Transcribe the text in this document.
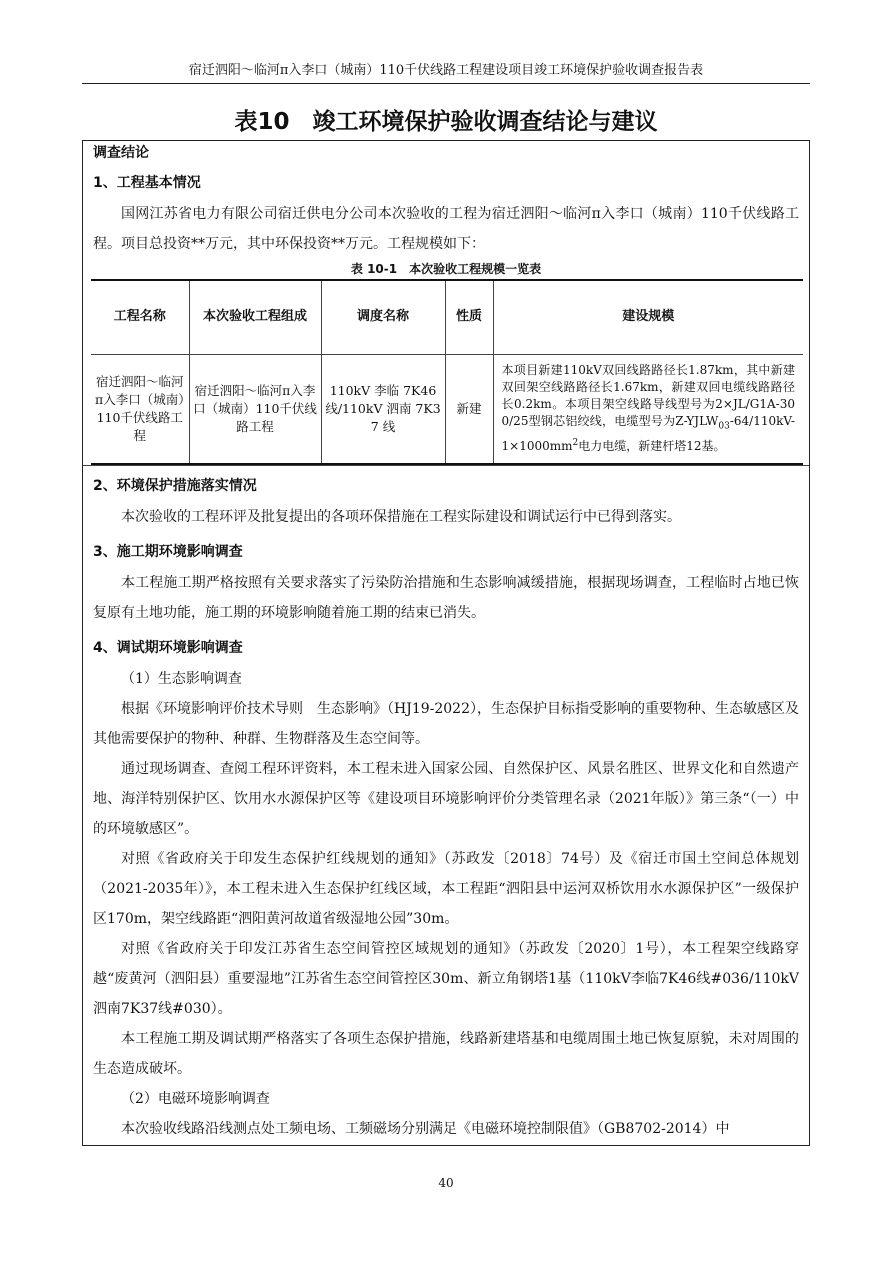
宿迁泗阳～临河π入李口（城南）110千伏线路工程建设项目竣工环境保护验收调查报告表
表10　竣工环境保护验收调查结论与建议
调查结论
1、工程基本情况

国网江苏省电力有限公司宿迁供电分公司本次验收的工程为宿迁泗阳～临河π入李口（城南）110千伏线路工程。项目总投资**万元，其中环保投资**万元。工程规模如下：

表 10-1　本次验收工程规模一览表
工程名称	本次验收工程组成	调度名称	性质	建设规模
宿迁泗阳～临河π入李口（城南）110千伏线路工程	宿迁泗阳～临河π入李口（城南）110千伏线路工程	110kV 李临 7K46 线/110kV 泗南 7K37 线	新建	本项目新建110kV双回线路路径长1.87km，其中新建双回架空线路路径长1.67km，新建双回电缆线路路径长0.2km。本项目架空线路导线型号为2×JL/G1A-300/25型钢芯铝绞线，电缆型号为$Z-YJLW_{03}-64/110kV-1\times 1000mm^2$电力电缆，新建杆塔12基。
2、环境保护措施落实情况

本次验收的工程环评及批复提出的各项环保措施在工程实际建设和调试运行中已得到落实。

3、施工期环境影响调查

本工程施工期严格按照有关要求落实了污染防治措施和生态影响减缓措施，根据现场调查，工程临时占地已恢复原有土地功能，施工期的环境影响随着施工期的结束已消失。

4、调试期环境影响调查

（1）生态影响调查

根据《环境影响评价技术导则　生态影响》（HJ19-2022），生态保护目标指受影响的重要物种、生态敏感区及其他需要保护的物种、种群、生物群落及生态空间等。

通过现场调查、查阅工程环评资料，本工程未进入国家公园、自然保护区、风景名胜区、世界文化和自然遗产地、海洋特别保护区、饮用水水源保护区等《建设项目环境影响评价分类管理名录（2021年版）》第三条“（一）中的环境敏感区”。

对照《省政府关于印发生态保护红线规划的通知》（苏政发〔2018〕74号）及《宿迁市国土空间总体规划（2021-2035年）》，本工程未进入生态保护红线区域，本工程距“泗阳县中运河双桥饮用水水源保护区”一级保护区170m，架空线路距“泗阳黄河故道省级湿地公园”30m。

对照《省政府关于印发江苏省生态空间管控区域规划的通知》（苏政发〔2020〕1号），本工程架空线路穿越“废黄河（泗阳县）重要湿地”江苏省生态空间管控区30m、新立角钢塔1基（110kV李临7K46线#036/110kV泗南7K37线#030）。

本工程施工期及调试期严格落实了各项生态保护措施，线路新建塔基和电缆周围土地已恢复原貌，未对周围的生态造成破坏。

（2）电磁环境影响调查

本次验收线路沿线测点处工频电场、工频磁场分别满足《电磁环境控制限值》（GB8702-2014）中

40
